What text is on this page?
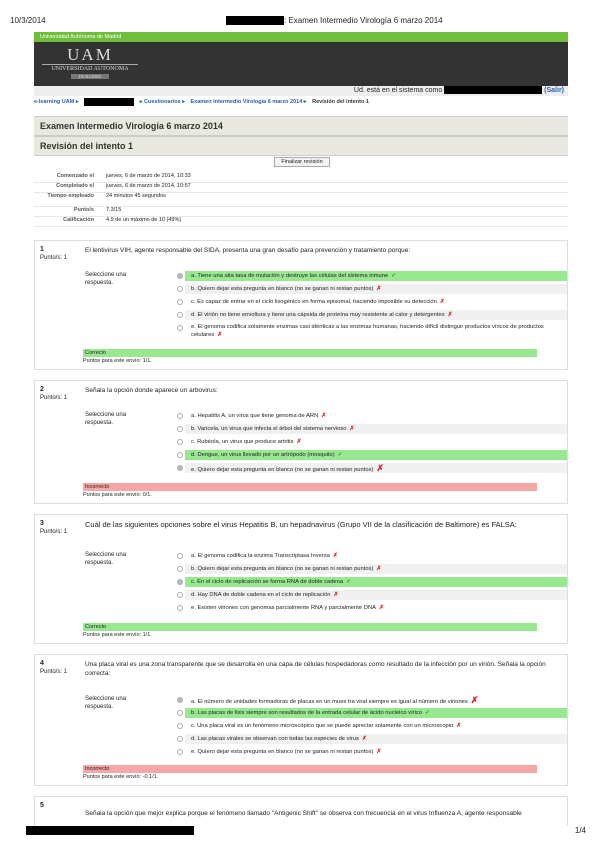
10/3/2014	: Examen Intermedio Virología 6 marzo 2014
Universidad Autónoma de Madrid
UAM
UNIVERSIDAD AUTONOMA
DE MADRID
Ud. está en el sistema como	(Salir)
e-learning UAM ▸	▸ Cuestionarios ▸ Examen Intermedio Virología 6 marzo 2014 ▸ Revisión del intento 1
Examen Intermedio Virología 6 marzo 2014
Revisión del intento 1
Finalizar revisión
Comenzado el jueves, 6 de marzo de 2014, 10:33
Completado el jueves, 6 de marzo de 2014, 10:57
Tiempo empleado 24 minutos 45 segundos
Punto/s 7.3/15
Calificación 4.9 de un máximo de 10 (49%)
1
Punto/s: 1
El lentivirus VIH, agente responsable del SIDA, presenta una gran desafío para prevención y tratamiento porque:
Seleccione una respuesta.
a. Tiene una alta tasa de mutación y destruye las células del sistema inmune ✓
b. Quiero dejar esta pregunta en blanco (no se ganan ni restan puntos) ✗
c. Es capaz de entrar en el ciclo lisogénico en forma episomal, haciendo imposible su detección ✗
d. El virión no tiene envoltura y tiene una cápsida de proteína muy resistente al calor y detergentes ✗
e. El genoma codifica solamente enzimas casi idénticas a las enzimas humanas, haciendo difícil distinguir productos víricos de productos celulares ✗
Correcto
Puntos para este envío: 1/1.
2
Punto/s: 1
Señala la opción donde aparece un arbovirus:
Seleccione una respuesta.
a. Hepatitis A, un virus que tiene genoma de ARN ✗
b. Varicela, un virus que infecta el árbol del sistema nervioso ✗
c. Rubéola, un virus que produce artritis ✗
d. Dengue, un virus llevado por un artrópodo (mosquito) ✓
e. Quiero dejar esta pregunta en blanco (no se ganan ni restan puntos) ✗
Incorrecto
Puntos para este envío: 0/1.
3
Punto/s: 1
Cuál de las siguientes opciones sobre el virus Hepatitis B, un hepadnavirus (Grupo VII de la clasificación de Baltimore) es FALSA:
Seleccione una respuesta.
a. El genoma codifica la enzima Transcriptasa Inversa ✗
b. Quiero dejar esta pregunta en blanco (no se ganan ni restan puntos) ✗
c. En el ciclo de replicación se forma RNA de doble cadena ✓
d. Hay DNA de doble cadena en el ciclo de replicación ✗
e. Existen viriones con genomas parcialmente RNA y parcialmente DNA ✗
Correcto
Puntos para este envío: 1/1.
4
Punto/s: 1
Una placa viral es una zona transparente que se desarrolla en una capa de células hospedadoras como resultado de la infección por un virión. Señala la opción correcta:
Seleccione una respuesta.
a. El número de unidades formadoras de placas en un mues tra viral siempre es igual al número de viriones ✗
b. Las placas de lisis siempre son resultados de la entrada celular de ácido nucleico vírico ✓
c. Una placa viral es un fenómeno microscópico que se puede apreciar solamente con un microscopio ✗
d. Las placas virales se observan con todas las especies de virus ✗
e. Quiero dejar esta pregunta en blanco (no se ganan ni restan puntos) ✗
Incorrecto
Puntos para este envío: -0.1/1.
5
Señala la opción que mejor explica porque el fenómeno llamado "Antigenic Shift" se observa con frecuencia en el virus Influenza A, agente responsable
1/4
